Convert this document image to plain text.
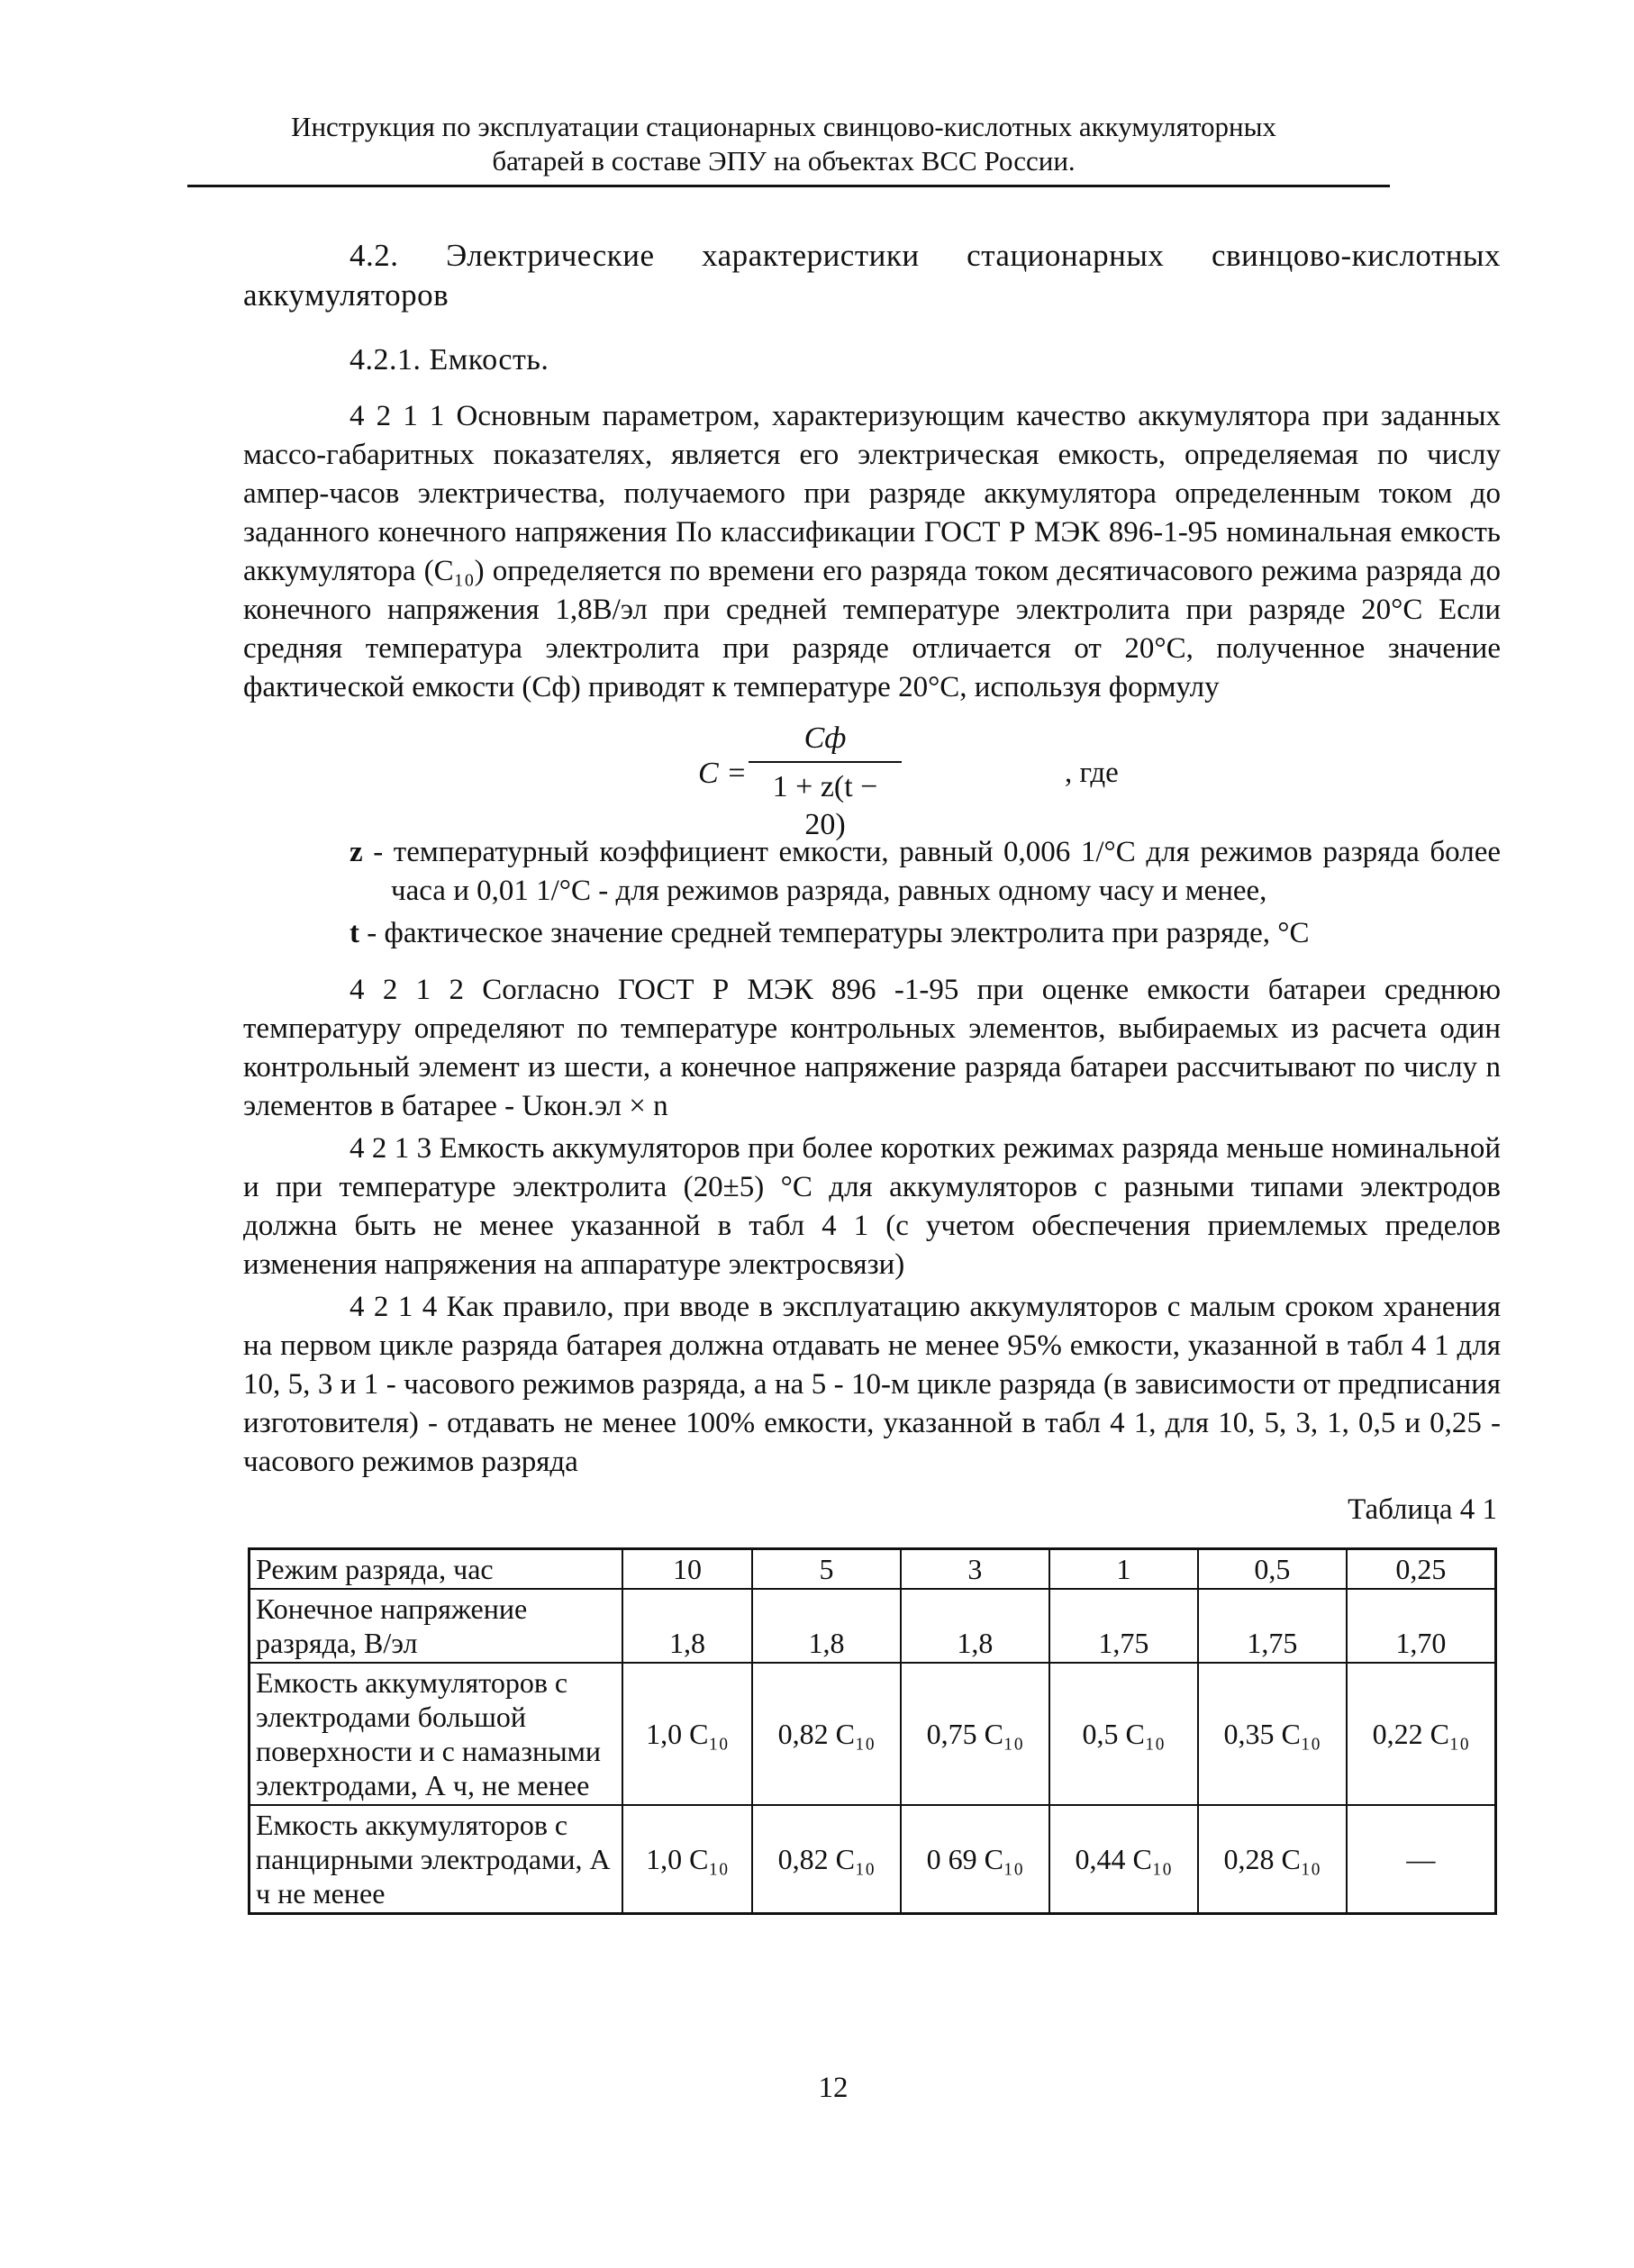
Инструкция по эксплуатации стационарных свинцово-кислотных аккумуляторных
батарей в составе ЭПУ на объектах ВСС России.

4.2. Электрические характеристики стационарных свинцово-кислотных аккумуляторов

4.2.1. Емкость.

4 2 1 1 Основным параметром, характеризующим качество аккумулятора при заданных массо-габаритных показателях, является его электрическая емкость, определяемая по числу ампер-часов электричества, получаемого при разряде аккумулятора определенным током до заданного конечного напряжения По классификации ГОСТ Р МЭК 896-1-95 номинальная емкость аккумулятора (C₁₀) определяется по времени его разряда током десятичасового режима разряда до конечного напряжения 1,8В/эл при средней температуре электролита при разряде 20°С Если средняя температура электролита при разряде отличается от 20°С, полученное значение фактической емкости (Сф) приводят к температуре 20°С, используя формулу

C =
Cф
1 + z(t − 20)
, где
z - температурный коэффициент емкости, равный 0,006 1/°С для режимов разряда более часа и 0,01 1/°С - для режимов разряда, равных одному часу и менее,
t - фактическое значение средней температуры электролита при разряде, °С

4 2 1 2 Согласно ГОСТ Р МЭК 896 -1-95 при оценке емкости батареи среднюю температуру определяют по температуре контрольных элементов, выбираемых из расчета один контрольный элемент из шести, а конечное напряжение разряда батареи рассчитывают по числу n элементов в батарее - Uкон.эл × n

4 2 1 3 Емкость аккумуляторов при более коротких режимах разряда меньше номинальной и при температуре электролита (20±5) °С для аккумуляторов с разными типами электродов должна быть не менее указанной в табл 4 1 (с учетом обеспечения приемлемых пределов изменения напряжения на аппаратуре электросвязи)

4 2 1 4 Как правило, при вводе в эксплуатацию аккумуляторов с малым сроком хранения на первом цикле разряда батарея должна отдавать не менее 95% емкости, указанной в табл 4 1 для 10, 5, 3 и 1 - часового режимов разряда, а на 5 - 10-м цикле разряда (в зависимости от предписания изготовителя) - отдавать не менее 100% емкости, указанной в табл 4 1, для 10, 5, 3, 1, 0,5 и 0,25 - часового режимов разряда

Таблица 4 1
Режим разряда, час	10	5	3	1	0,5	0,25
Конечное напряжение разряда, В/эл	1,8	1,8	1,8	1,75	1,75	1,70
Емкость аккумуляторов с электродами большой поверхности и с намазными электродами, А ч, не менее	1,0 C₁₀	0,82 C₁₀	0,75 C₁₀	0,5 C₁₀	0,35 C₁₀	0,22 C₁₀
Емкость аккумуляторов с панцирными электродами, А ч не менее	1,0 C₁₀	0,82 C₁₀	0 69 C₁₀	0,44 C₁₀	0,28 C₁₀	—
12
